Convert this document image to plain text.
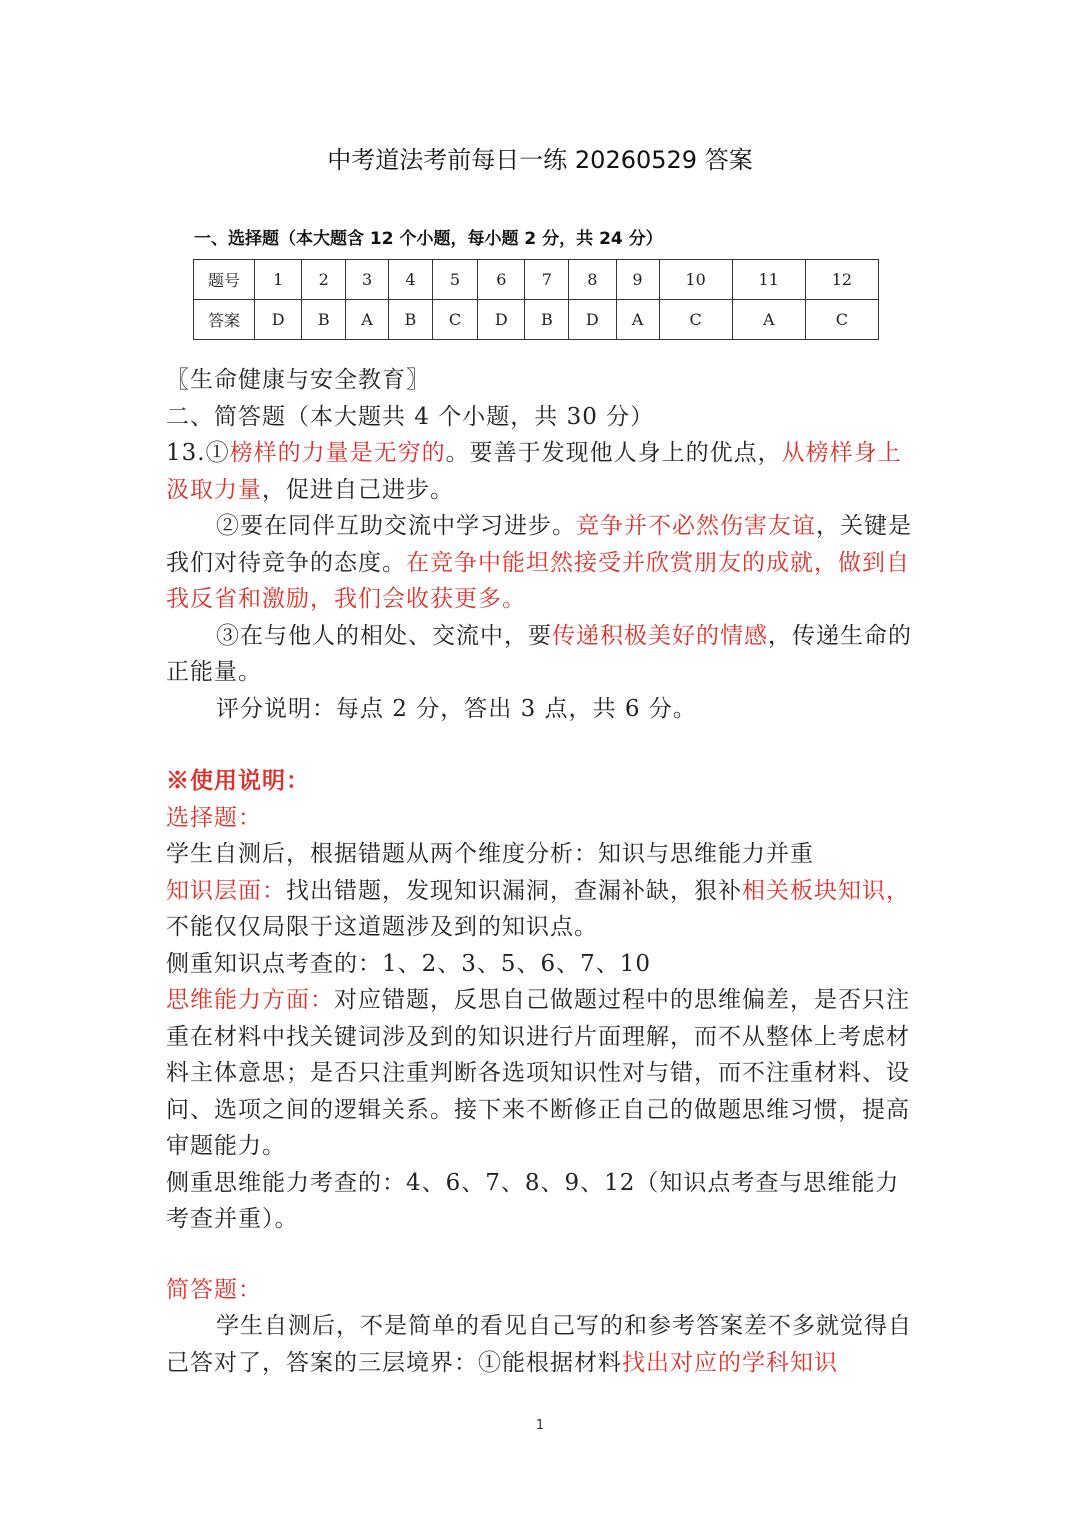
中考道法考前每日一练 20260529 答案
一、选择题（本大题含 12 个小题，每小题 2 分，共 24 分）
题号	1	2	3	4	5	6	7	8	9	10	11	12
答案	D	B	A	B	C	D	B	D	A	C	A	C

〖生命健康与安全教育〗

二、简答题（本大题共 4 个小题，共 30 分）

13.①榜样的力量是无穷的。要善于发现他人身上的优点，从榜样身上汲取力量，促进自己进步。

②要在同伴互助交流中学习进步。竞争并不必然伤害友谊，关键是我们对待竞争的态度。在竞争中能坦然接受并欣赏朋友的成就，做到自我反省和激励，我们会收获更多。

③在与他人的相处、交流中，要传递积极美好的情感，传递生命的正能量。

评分说明：每点 2 分，答出 3 点，共 6 分。

※使用说明：

选择题：

学生自测后，根据错题从两个维度分析：知识与思维能力并重

知识层面：找出错题，发现知识漏洞，查漏补缺，狠补相关板块知识，不能仅仅局限于这道题涉及到的知识点。

侧重知识点考查的：1、2、3、5、6、7、10

思维能力方面：对应错题，反思自己做题过程中的思维偏差，是否只注重在材料中找关键词涉及到的知识进行片面理解，而不从整体上考虑材料主体意思；是否只注重判断各选项知识性对与错，而不注重材料、设问、选项之间的逻辑关系。接下来不断修正自己的做题思维习惯，提高审题能力。

侧重思维能力考查的：4、6、7、8、9、12（知识点考查与思维能力考查并重）。

简答题：

学生自测后，不是简单的看见自己写的和参考答案差不多就觉得自己答对了，答案的三层境界：①能根据材料找出对应的学科知识

1
